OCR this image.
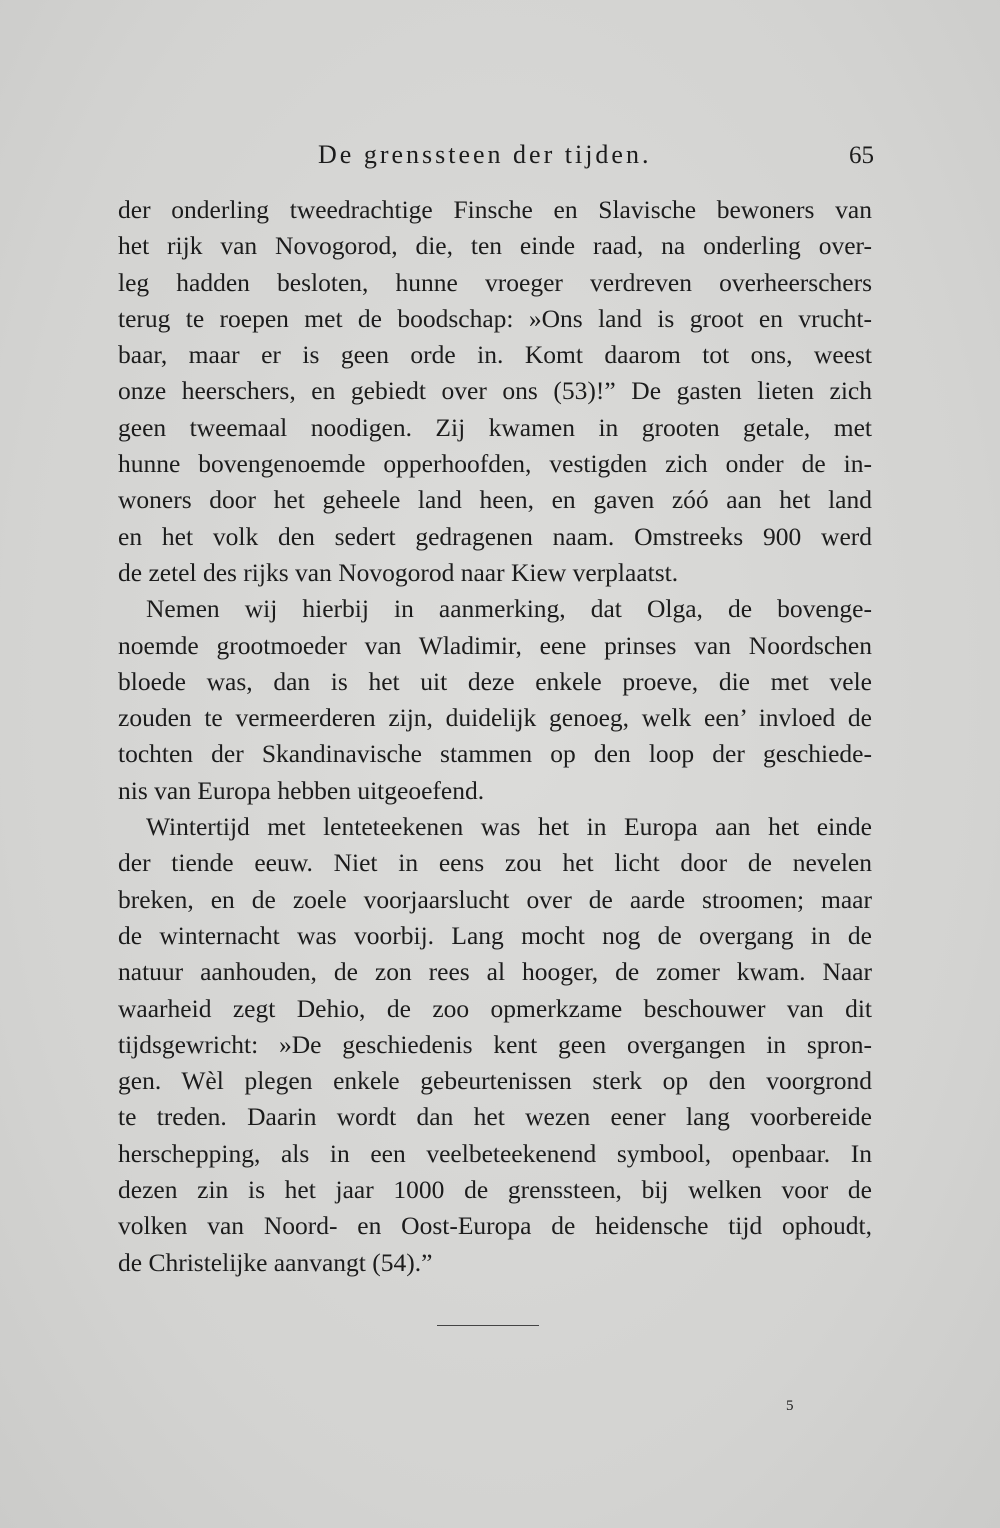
De grenssteen der tijden.	65
der onderling tweedrachtige Finsche en Slavische bewoners van
het rijk van Novogorod, die, ten einde raad, na onderling over-
leg hadden besloten, hunne vroeger verdreven overheerschers
terug te roepen met de boodschap: »Ons land is groot en vrucht-
baar, maar er is geen orde in. Komt daarom tot ons, weest
onze heerschers, en gebiedt over ons (53)!” De gasten lieten zich
geen tweemaal noodigen. Zij kwamen in grooten getale, met
hunne bovengenoemde opperhoofden, vestigden zich onder de in-
woners door het geheele land heen, en gaven zóó aan het land
en het volk den sedert gedragenen naam. Omstreeks 900 werd
de zetel des rijks van Novogorod naar Kiew verplaatst.
Nemen wij hierbij in aanmerking, dat Olga, de bovenge-
noemde grootmoeder van Wladimir, eene prinses van Noordschen
bloede was, dan is het uit deze enkele proeve, die met vele
zouden te vermeerderen zijn, duidelijk genoeg, welk een’ invloed de
tochten der Skandinavische stammen op den loop der geschiede-
nis van Europa hebben uitgeoefend.
Wintertijd met lenteteekenen was het in Europa aan het einde
der tiende eeuw. Niet in eens zou het licht door de nevelen
breken, en de zoele voorjaarslucht over de aarde stroomen; maar
de winternacht was voorbij. Lang mocht nog de overgang in de
natuur aanhouden, de zon rees al hooger, de zomer kwam. Naar
waarheid zegt Dehio, de zoo opmerkzame beschouwer van dit
tijdsgewricht: »De geschiedenis kent geen overgangen in spron-
gen. Wèl plegen enkele gebeurtenissen sterk op den voorgrond
te treden. Daarin wordt dan het wezen eener lang voorbereide
herschepping, als in een veelbeteekenend symbool, openbaar. In
dezen zin is het jaar 1000 de grenssteen, bij welken voor de
volken van Noord- en Oost-Europa de heidensche tijd ophoudt,
de Christelijke aanvangt (54).”
5
